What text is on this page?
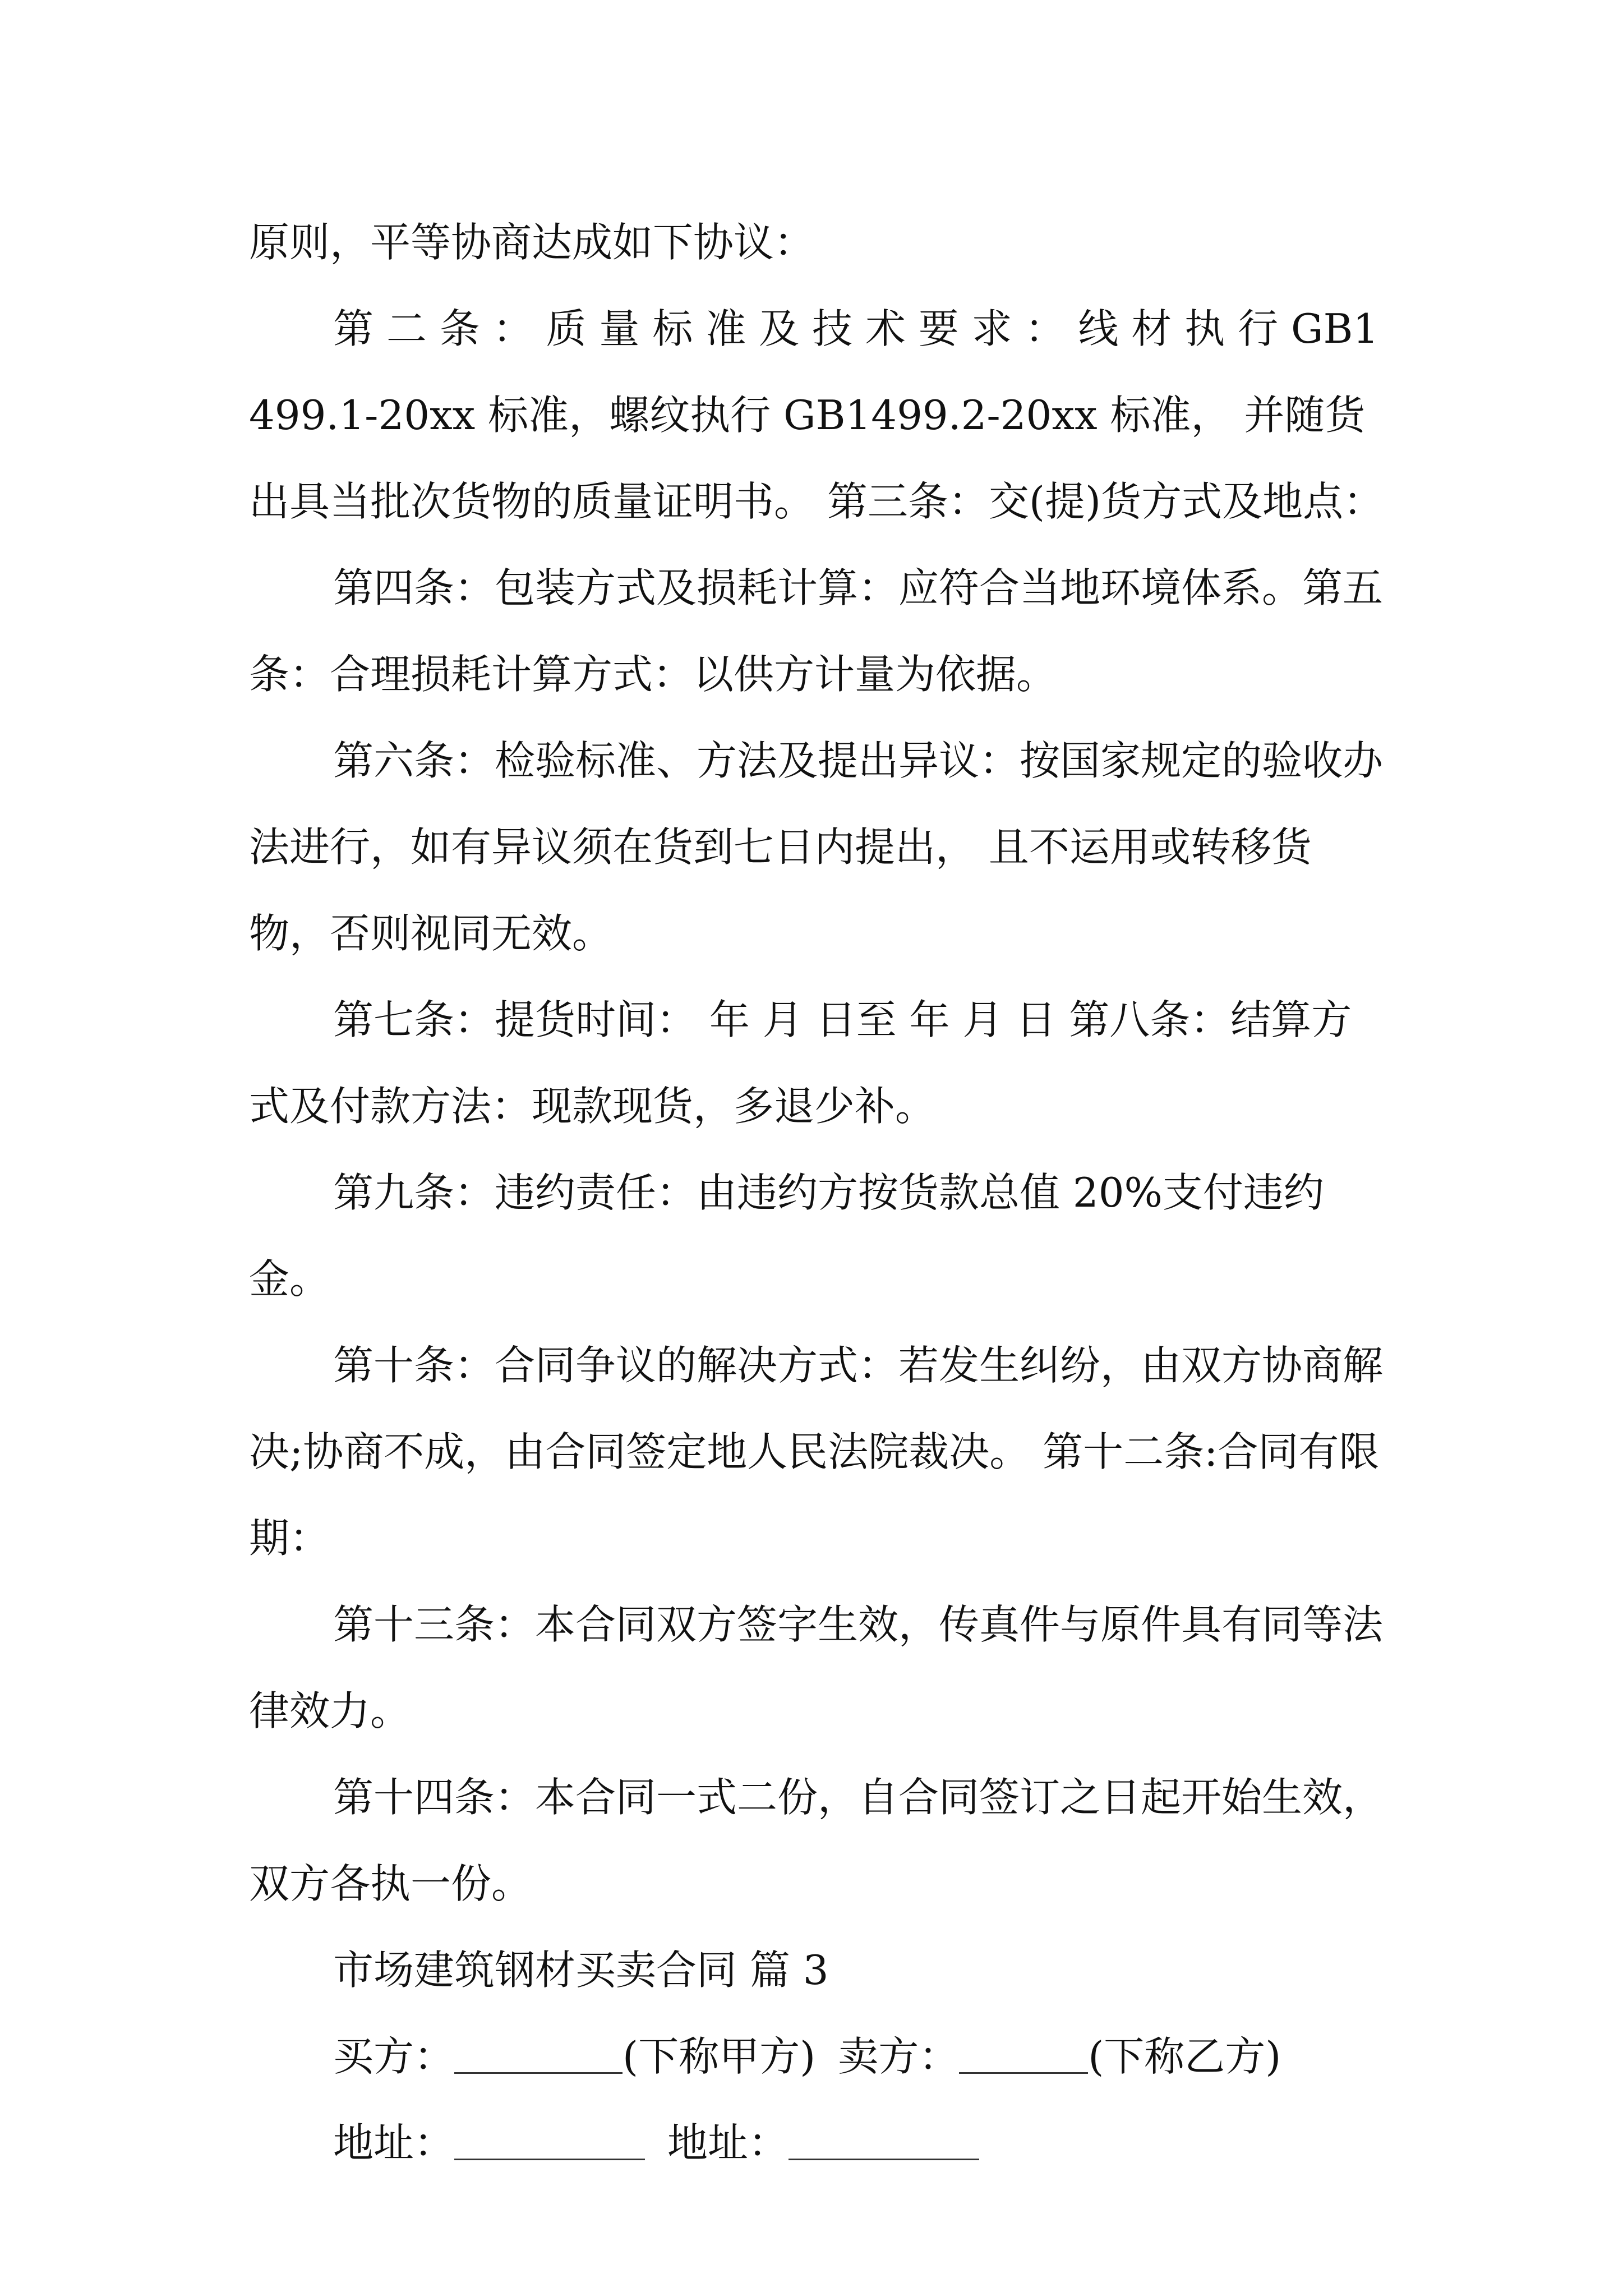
原则，平等协商达成如下协议：

第 二 条 ： 质 量 标 准 及 技 术 要 求 ： 线 材 执 行 GB1499.1-20xx 标准，螺纹执行 GB1499.2-20xx 标准， 并随货出具当批次货物的质量证明书。 第三条：交(提)货方式及地点：

第四条：包装方式及损耗计算：应符合当地环境体系。第五条：合理损耗计算方式：以供方计量为依据。

第六条：检验标准、方法及提出异议：按国家规定的验收办法进行，如有异议须在货到七日内提出， 且不运用或转移货物，否则视同无效。

第七条：提货时间： 年 月 日至 年 月 日 第八条：结算方式及付款方法：现款现货，多退少补。

第九条：违约责任：由违约方按货款总值 20%支付违约金。

第十条：合同争议的解决方式：若发生纠纷，由双方协商解决;协商不成，由合同签定地人民法院裁决。 第十二条:合同有限期：

第十三条：本合同双方签字生效，传真件与原件具有同等法律效力。

第十四条：本合同一式二份，自合同签订之日起开始生效，双方各执一份。

市场建筑钢材买卖合同 篇 3

买方：	(下称甲方) 卖方：	(下称乙方)

地址：	地址：
